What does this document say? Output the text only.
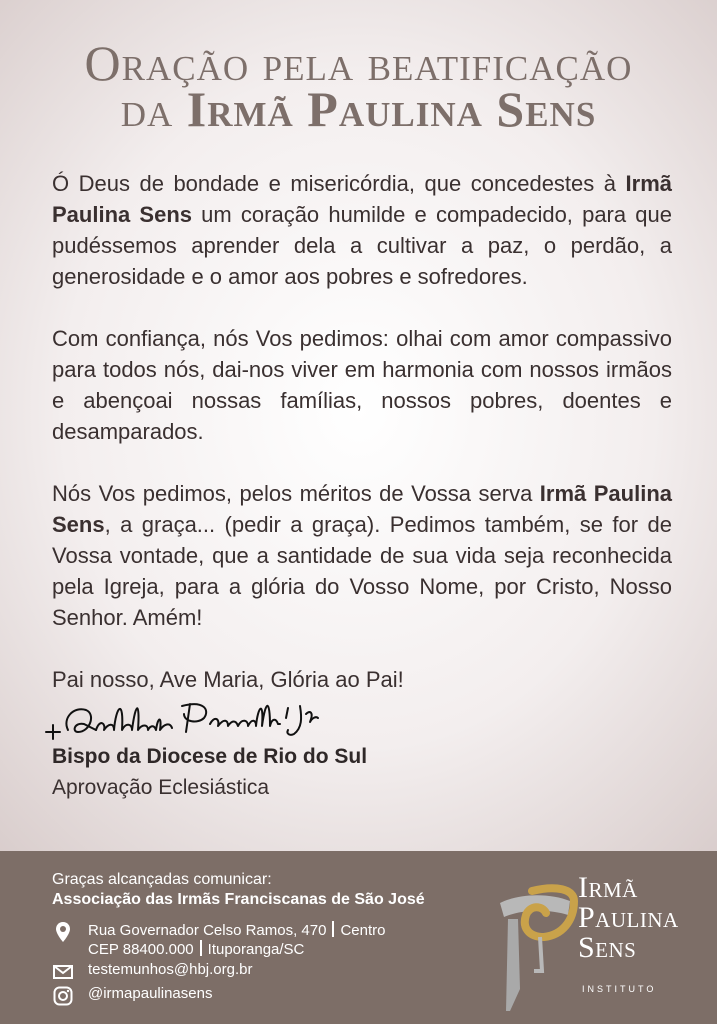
Oração pela beatificação
da Irmã Paulina Sens

Ó Deus de bondade e misericórdia, que concedestes à Irmã Paulina Sens um coração humilde e compadecido, para que pudéssemos aprender dela a cultivar a paz, o perdão, a generosidade e o amor aos pobres e sofredores.

Com confiança, nós Vos pedimos: olhai com amor compassivo para todos nós, dai-nos viver em harmonia com nossos irmãos e abençoai nossas famílias, nossos pobres, doentes e desamparados.

Nós Vos pedimos, pelos méritos de Vossa serva Irmã Paulina Sens, a graça... (pedir a graça). Pedimos também, se for de Vossa vontade, que a santidade de sua vida seja reconhecida pela Igreja, para a glória do Vosso Nome, por Cristo, Nosso Senhor. Amém!

Pai nosso, Ave Maria, Glória ao Pai!

Bispo da Diocese de Rio do Sul
Aprovação Eclesiástica
Graças alcançadas comunicar:
Associação das Irmãs Franciscanas de São José
Rua Governador Celso Ramos, 470 Centro
CEP 88400.000 Ituporanga/SC
testemunhos@hbj.org.br
@irmapaulinasens
Irmã
Paulina
Sens
INSTITUTO
